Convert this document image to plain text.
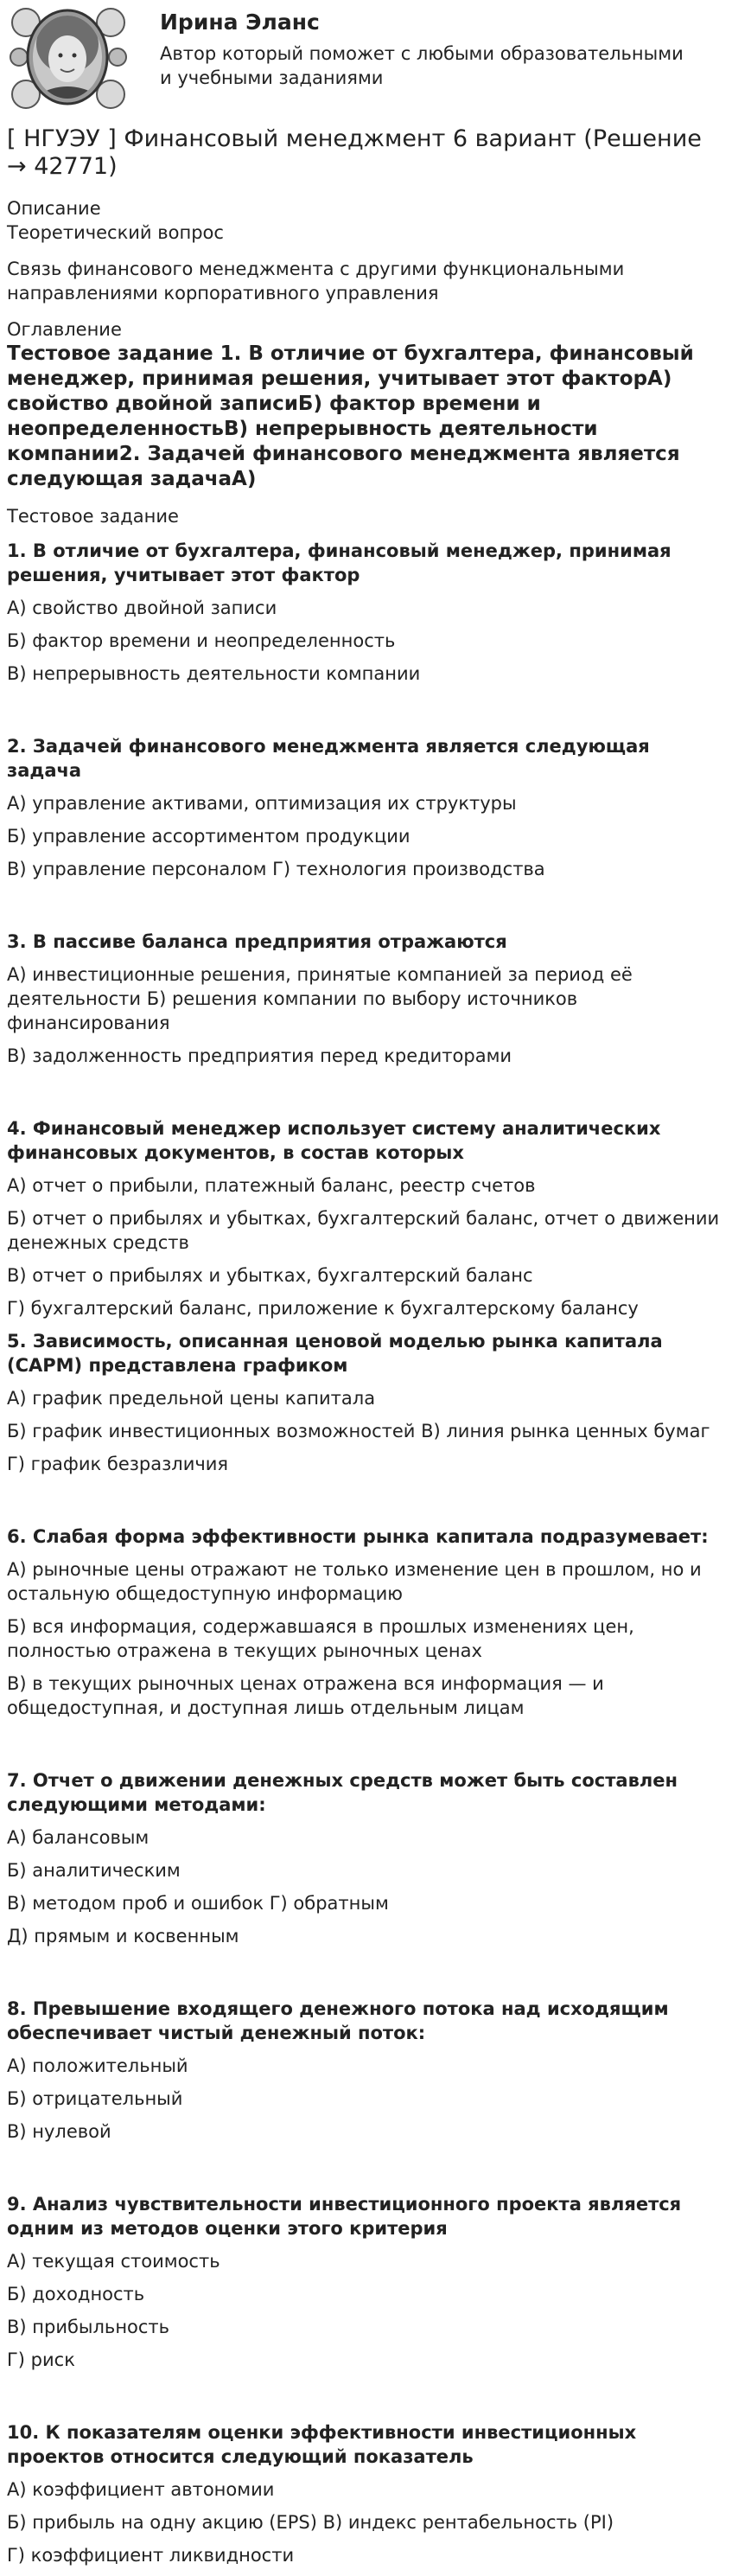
Ирина Эланс
Автор который поможет с любыми образовательными и учебными заданиями
[ НГУЭУ ] Финансовый менеджмент 6 вариант (Решение → 42771)
Описание
Теоретический вопрос
Связь финансового менеджмента с другими функциональными направлениями корпоративного управления
Оглавление
Тестовое задание 1. В отличие от бухгалтера, финансовый менеджер, принимая решения, учитывает этот факторА) свойство двойной записиБ) фактор времени и неопределенностьВ) непрерывность деятельности компании2. Задачей финансового менеджмента является следующая задачаА)
Тестовое задание
1. В отличие от бухгалтера, финансовый менеджер, принимая решения, учитывает этот фактор
А) свойство двойной записи
Б) фактор времени и неопределенность
В) непрерывность деятельности компании
2. Задачей финансового менеджмента является следующая задача
А) управление активами, оптимизация их структуры
Б) управление ассортиментом продукции
В) управление персоналом Г) технология производства
3. В пассиве баланса предприятия отражаются
А) инвестиционные решения, принятые компанией за период её деятельности Б) решения компании по выбору источников финансирования
В) задолженность предприятия перед кредиторами
4. Финансовый менеджер использует систему аналитических финансовых документов, в состав которых
А) отчет о прибыли, платежный баланс, реестр счетов
Б) отчет о прибылях и убытках, бухгалтерский баланс, отчет о движении денежных средств
В) отчет о прибылях и убытках, бухгалтерский баланс
Г) бухгалтерский баланс, приложение к бухгалтерскому балансу
5. Зависимость, описанная ценовой моделью рынка капитала (САРМ) представлена графиком
А) график предельной цены капитала
Б) график инвестиционных возможностей В) линия рынка ценных бумаг
Г) график безразличия
6. Слабая форма эффективности рынка капитала подразумевает:
А) рыночные цены отражают не только изменение цен в прошлом, но и остальную общедоступную информацию
Б) вся информация, содержавшаяся в прошлых изменениях цен, полностью отражена в текущих рыночных ценах
В) в текущих рыночных ценах отражена вся информация — и общедоступная, и доступная лишь отдельным лицам
7. Отчет о движении денежных средств может быть составлен следующими методами:
А) балансовым
Б) аналитическим
В) методом проб и ошибок Г) обратным
Д) прямым и косвенным
8. Превышение входящего денежного потока над исходящим обеспечивает чистый денежный поток:
А) положительный
Б) отрицательный
В) нулевой
9. Анализ чувствительности инвестиционного проекта является одним из методов оценки этого критерия
А) текущая стоимость
Б) доходность
В) прибыльность
Г) риск
10. К показателям оценки эффективности инвестиционных проектов относится следующий показатель
А) коэффициент автономии
Б) прибыль на одну акцию (EPS) В) индекс рентабельность (PI)
Г) коэффициент ликвидности
